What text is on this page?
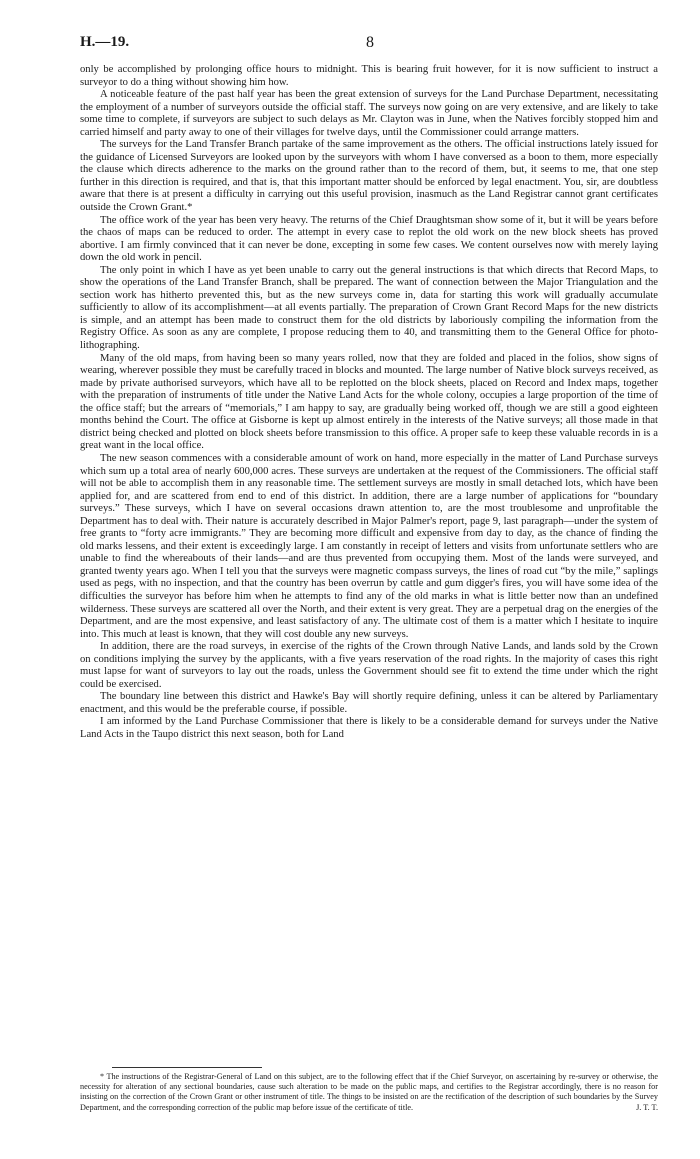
H.—19.	8

only be accomplished by prolonging office hours to midnight. This is bearing fruit however, for it is now sufficient to instruct a surveyor to do a thing without showing him how.

A noticeable feature of the past half year has been the great extension of surveys for the Land Purchase Department, necessitating the employment of a number of surveyors outside the official staff. The surveys now going on are very extensive, and are likely to take some time to complete, if surveyors are subject to such delays as Mr. Clayton was in June, when the Natives forcibly stopped him and carried himself and party away to one of their villages for twelve days, until the Commissioner could arrange matters.

The surveys for the Land Transfer Branch partake of the same improvement as the others. The official instructions lately issued for the guidance of Licensed Surveyors are looked upon by the surveyors with whom I have conversed as a boon to them, more especially the clause which directs adherence to the marks on the ground rather than to the record of them, but, it seems to me, that one step further in this direction is required, and that is, that this important matter should be enforced by legal enactment. You, sir, are doubtless aware that there is at present a difficulty in carrying out this useful provision, inasmuch as the Land Registrar cannot grant certificates outside the Crown Grant.*

The office work of the year has been very heavy. The returns of the Chief Draughtsman show some of it, but it will be years before the chaos of maps can be reduced to order. The attempt in every case to replot the old work on the new block sheets has proved abortive. I am firmly convinced that it can never be done, excepting in some few cases. We content ourselves now with merely laying down the old work in pencil.

The only point in which I have as yet been unable to carry out the general instructions is that which directs that Record Maps, to show the operations of the Land Transfer Branch, shall be prepared. The want of connection between the Major Triangulation and the section work has hitherto prevented this, but as the new surveys come in, data for starting this work will gradually accumulate sufficiently to allow of its accomplishment—at all events partially. The preparation of Crown Grant Record Maps for the new districts is simple, and an attempt has been made to construct them for the old districts by laboriously compiling the information from the Registry Office. As soon as any are complete, I propose reducing them to 40, and transmitting them to the General Office for photo-lithographing.

Many of the old maps, from having been so many years rolled, now that they are folded and placed in the folios, show signs of wearing, wherever possible they must be carefully traced in blocks and mounted. The large number of Native block surveys received, as made by private authorised surveyors, which have all to be replotted on the block sheets, placed on Record and Index maps, together with the preparation of instruments of title under the Native Land Acts for the whole colony, occupies a large proportion of the time of the office staff; but the arrears of “memorials,” I am happy to say, are gradually being worked off, though we are still a good eighteen months behind the Court. The office at Gisborne is kept up almost entirely in the interests of the Native surveys; all those made in that district being checked and plotted on block sheets before transmission to this office. A proper safe to keep these valuable records in is a great want in the local office.

The new season commences with a considerable amount of work on hand, more especially in the matter of Land Purchase surveys which sum up a total area of nearly 600,000 acres. These surveys are undertaken at the request of the Commissioners. The official staff will not be able to accomplish them in any reasonable time. The settlement surveys are mostly in small detached lots, which have been applied for, and are scattered from end to end of this district. In addition, there are a large number of applications for “boundary surveys.” These surveys, which I have on several occasions drawn attention to, are the most troublesome and unprofitable the Department has to deal with. Their nature is accurately described in Major Palmer's report, page 9, last paragraph—under the system of free grants to “forty acre immigrants.” They are becoming more difficult and expensive from day to day, as the chance of finding the old marks lessens, and their extent is exceedingly large. I am constantly in receipt of letters and visits from unfortunate settlers who are unable to find the whereabouts of their lands—and are thus prevented from occupying them. Most of the lands were surveyed, and granted twenty years ago. When I tell you that the surveys were magnetic compass surveys, the lines of road cut “by the mile,” saplings used as pegs, with no inspection, and that the country has been overrun by cattle and gum digger's fires, you will have some idea of the difficulties the surveyor has before him when he attempts to find any of the old marks in what is little better now than an undefined wilderness. These surveys are scattered all over the North, and their extent is very great. They are a perpetual drag on the energies of the Department, and are the most expensive, and least satisfactory of any. The ultimate cost of them is a matter which I hesitate to inquire into. This much at least is known, that they will cost double any new surveys.

In addition, there are the road surveys, in exercise of the rights of the Crown through Native Lands, and lands sold by the Crown on conditions implying the survey by the applicants, with a five years reservation of the road rights. In the majority of cases this right must lapse for want of surveyors to lay out the roads, unless the Government should see fit to extend the time under which the right could be exercised.

The boundary line between this district and Hawke's Bay will shortly require defining, unless it can be altered by Parliamentary enactment, and this would be the preferable course, if possible.

I am informed by the Land Purchase Commissioner that there is likely to be a considerable demand for surveys under the Native Land Acts in the Taupo district this next season, both for Land

* The instructions of the Registrar-General of Land on this subject, are to the following effect that if the Chief Surveyor, on ascertaining by re-survey or otherwise, the necessity for alteration of any sectional boundaries, cause such alteration to be made on the public maps, and certifies to the Registrar accordingly, there is no reason for insisting on the correction of the Crown Grant or other instrument of title. The things to be insisted on are the rectification of the description of such boundaries by the Survey Department, and the corresponding correction of the public map before issue of the certificate of title.	J. T. T.
